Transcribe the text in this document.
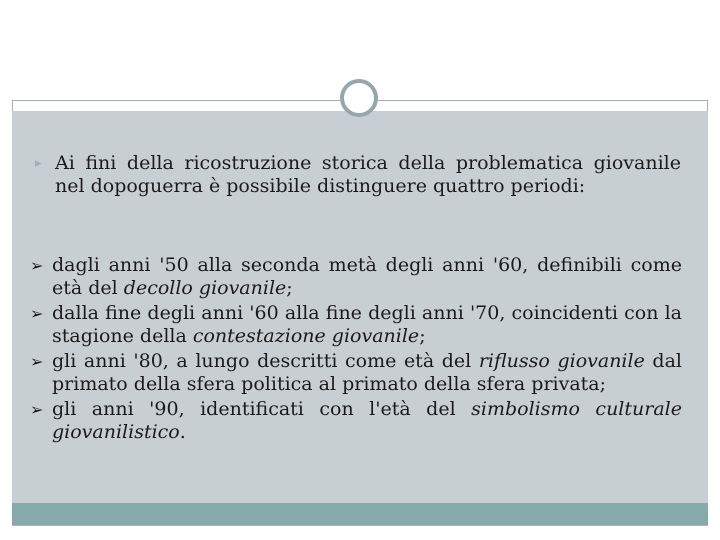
▸ Ai fini della ricostruzione storica della problematica giovanile nel dopoguerra è possibile distinguere quattro periodi:

➢ dagli anni '50 alla seconda metà degli anni '60, definibili come età del decollo giovanile;
➢ dalla fine degli anni '60 alla fine degli anni '70, coincidenti con la stagione della contestazione giovanile;
➢ gli anni '80, a lungo descritti come età del riflusso giovanile dal primato della sfera politica al primato della sfera privata;
➢ gli anni '90, identificati con l'età del simbolismo culturale giovanilistico.
